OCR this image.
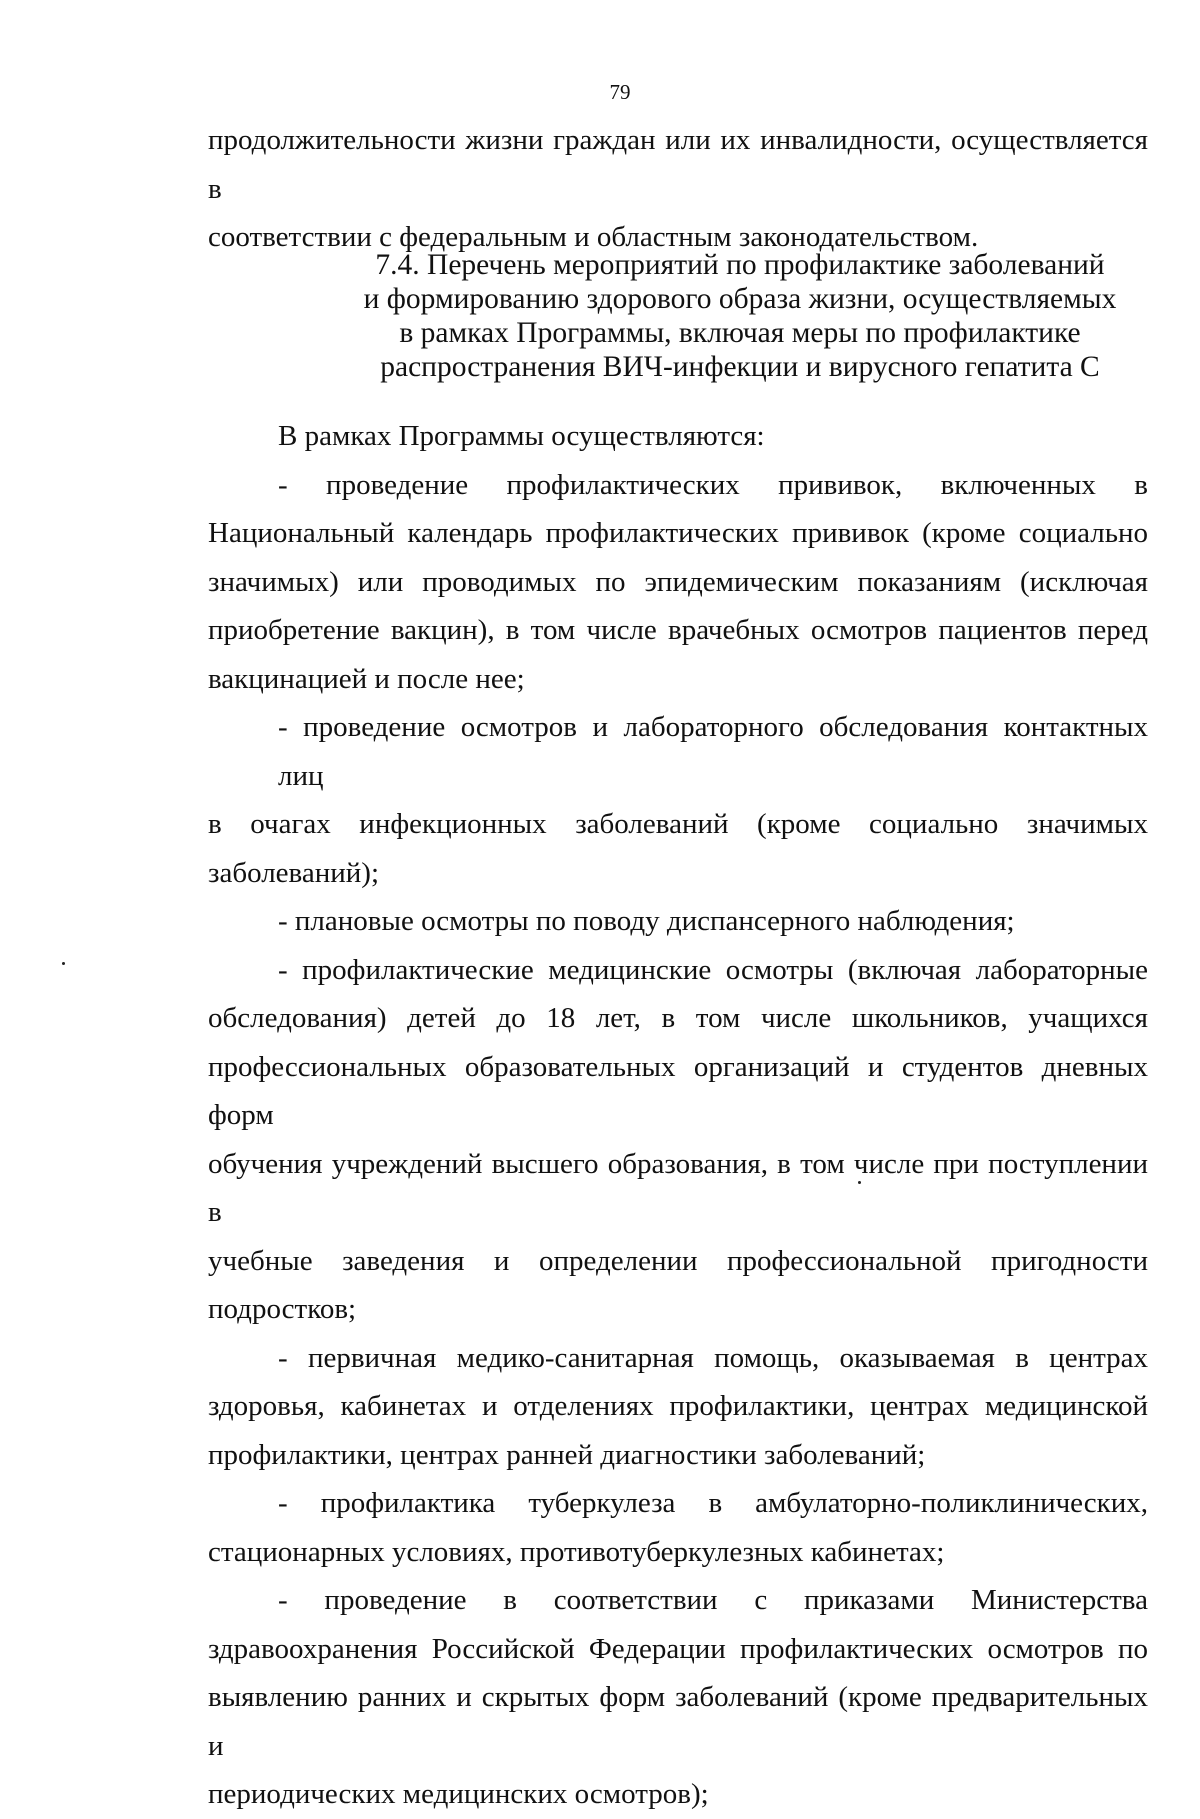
79
продолжительности жизни граждан или их инвалидности, осуществляется в
соответствии с федеральным и областным законодательством.
7.4. Перечень мероприятий по профилактике заболеваний
и формированию здорового образа жизни, осуществляемых
в рамках Программы, включая меры по профилактике
распространения ВИЧ-инфекции и вирусного гепатита С
В рамках Программы осуществляются:
- проведение профилактических прививок, включенных в
Национальный календарь профилактических прививок (кроме социально
значимых) или проводимых по эпидемическим показаниям (исключая
приобретение вакцин), в том числе врачебных осмотров пациентов перед
вакцинацией и после нее;
- проведение осмотров и лабораторного обследования контактных лиц
в очагах инфекционных заболеваний (кроме социально значимых
заболеваний);
- плановые осмотры по поводу диспансерного наблюдения;
- профилактические медицинские осмотры (включая лабораторные
обследования) детей до 18 лет, в том числе школьников, учащихся
профессиональных образовательных организаций и студентов дневных форм
обучения учреждений высшего образования, в том числе при поступлении в
учебные заведения и определении профессиональной пригодности
подростков;
- первичная медико-санитарная помощь, оказываемая в центрах
здоровья, кабинетах и отделениях профилактики, центрах медицинской
профилактики, центрах ранней диагностики заболеваний;
- профилактика туберкулеза в амбулаторно-поликлинических,
стационарных условиях, противотуберкулезных кабинетах;
- проведение в соответствии с приказами Министерства
здравоохранения Российской Федерации профилактических осмотров по
выявлению ранних и скрытых форм заболеваний (кроме предварительных и
периодических медицинских осмотров);
